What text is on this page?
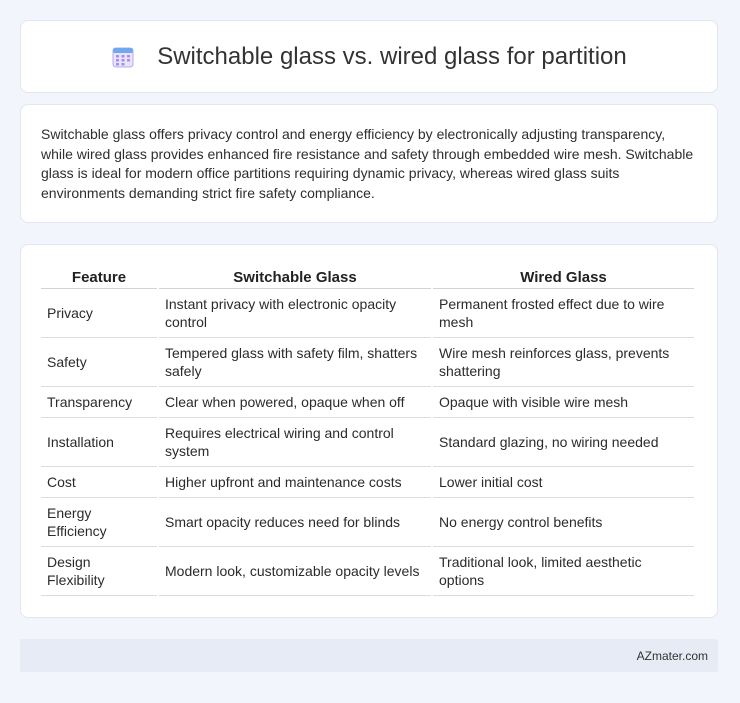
Switchable glass vs. wired glass for partition

Switchable glass offers privacy control and energy efficiency by electronically adjusting transparency, while wired glass provides enhanced fire resistance and safety through embedded wire mesh. Switchable glass is ideal for modern office partitions requiring dynamic privacy, whereas wired glass suits environments demanding strict fire safety compliance.

Feature	Switchable Glass	Wired Glass
Privacy	Instant privacy with electronic opacity control	Permanent frosted effect due to wire mesh
Safety	Tempered glass with safety film, shatters safely	Wire mesh reinforces glass, prevents shattering
Transparency	Clear when powered, opaque when off	Opaque with visible wire mesh
Installation	Requires electrical wiring and control system	Standard glazing, no wiring needed
Cost	Higher upfront and maintenance costs	Lower initial cost
Energy Efficiency	Smart opacity reduces need for blinds	No energy control benefits
Design Flexibility	Modern look, customizable opacity levels	Traditional look, limited aesthetic options
AZmater.com
